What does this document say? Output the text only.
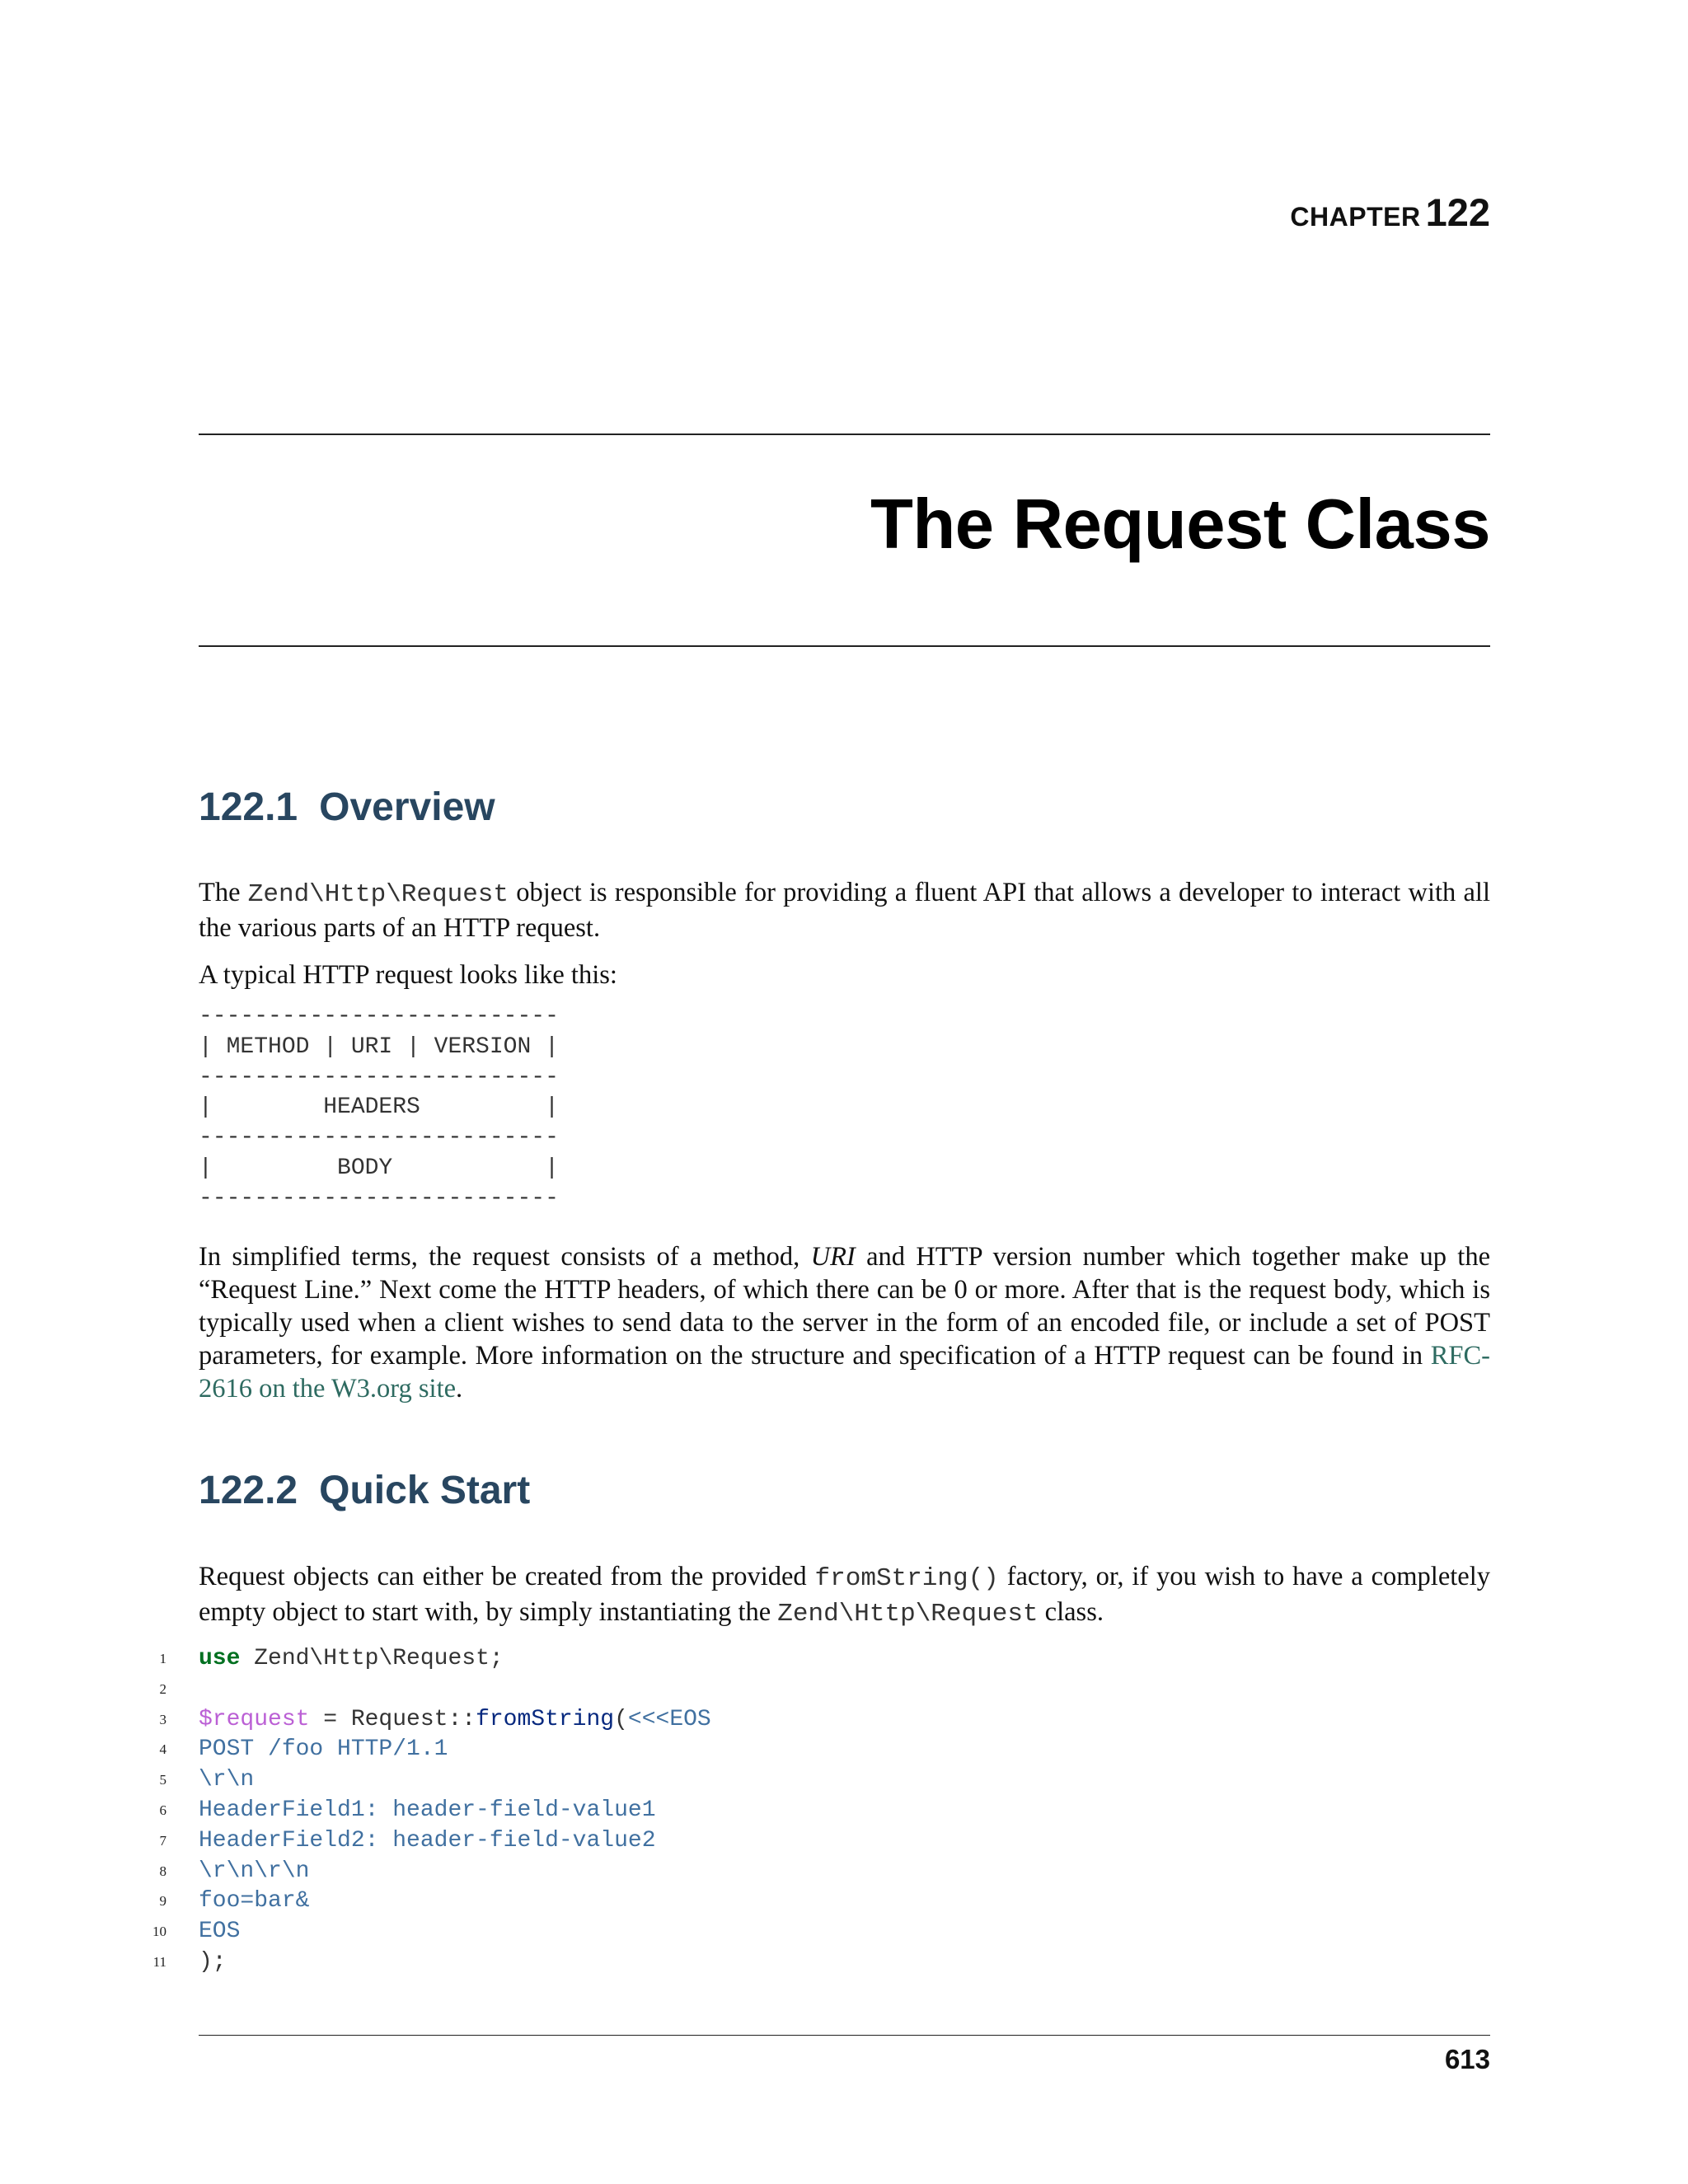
CHAPTER 122
The Request Class
122.1 Overview

The Zend\Http\Request object is responsible for providing a fluent API that allows a developer to interact with all the various parts of an HTTP request.

A typical HTTP request looks like this:

--------------------------
| METHOD | URI | VERSION |
--------------------------
|        HEADERS         |
--------------------------
|         BODY           |
--------------------------

In simplified terms, the request consists of a method, URI and HTTP version number which together make up the “Request Line.” Next come the HTTP headers, of which there can be 0 or more. After that is the request body, which is typically used when a client wishes to send data to the server in the form of an encoded file, or include a set of POST parameters, for example. More information on the structure and specification of a HTTP request can be found in RFC-2616 on the W3.org site.

122.2 Quick Start

Request objects can either be created from the provided fromString() factory, or, if you wish to have a completely empty object to start with, by simply instantiating the Zend\Http\Request class.

1 use Zend\Http\Request;
2
3 $request = Request::fromString(<<<EOS
4 POST /foo HTTP/1.1
5 \r\n
6 HeaderField1: header-field-value1
7 HeaderField2: header-field-value2
8 \r\n\r\n
9 foo=bar&
10 EOS
11 );
613
